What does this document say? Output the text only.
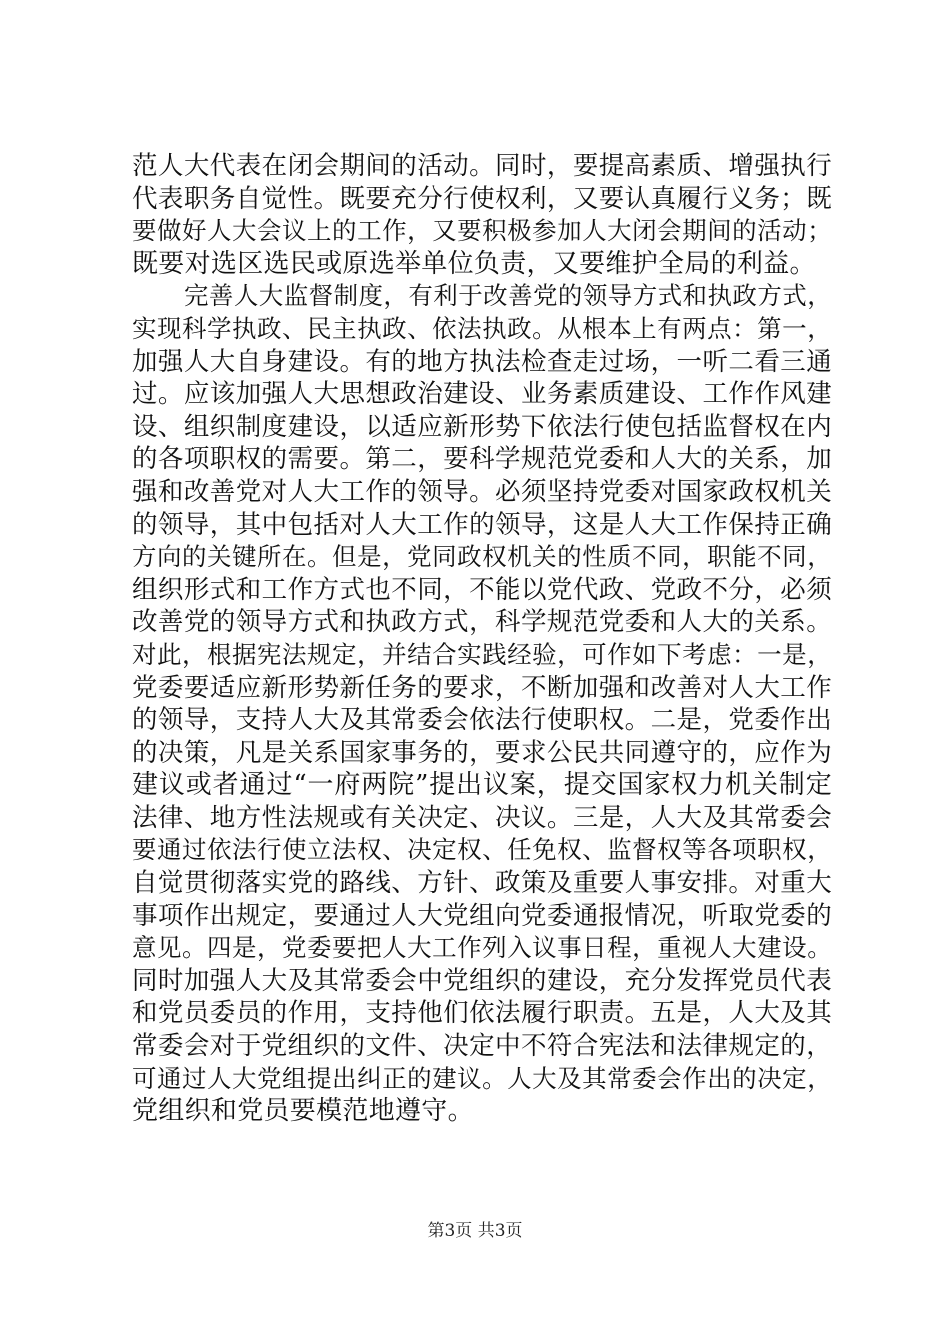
范人大代表在闭会期间的活动。同时，要提高素质、增强执行
代表职务自觉性。既要充分行使权利，又要认真履行义务；既
要做好人大会议上的工作，又要积极参加人大闭会期间的活动；
既要对选区选民或原选举单位负责，又要维护全局的利益。
完善人大监督制度，有利于改善党的领导方式和执政方式，
实现科学执政、民主执政、依法执政。从根本上有两点：第一，
加强人大自身建设。有的地方执法检查走过场，一听二看三通
过。应该加强人大思想政治建设、业务素质建设、工作作风建
设、组织制度建设，以适应新形势下依法行使包括监督权在内
的各项职权的需要。第二，要科学规范党委和人大的关系，加
强和改善党对人大工作的领导。必须坚持党委对国家政权机关
的领导，其中包括对人大工作的领导，这是人大工作保持正确
方向的关键所在。但是，党同政权机关的性质不同，职能不同，
组织形式和工作方式也不同，不能以党代政、党政不分，必须
改善党的领导方式和执政方式，科学规范党委和人大的关系。
对此，根据宪法规定，并结合实践经验，可作如下考虑：一是，
党委要适应新形势新任务的要求，不断加强和改善对人大工作
的领导，支持人大及其常委会依法行使职权。二是，党委作出
的决策，凡是关系国家事务的，要求公民共同遵守的，应作为
建议或者通过“一府两院”提出议案，提交国家权力机关制定
法律、地方性法规或有关决定、决议。三是，人大及其常委会
要通过依法行使立法权、决定权、任免权、监督权等各项职权，
自觉贯彻落实党的路线、方针、政策及重要人事安排。对重大
事项作出规定，要通过人大党组向党委通报情况，听取党委的
意见。四是，党委要把人大工作列入议事日程，重视人大建设。
同时加强人大及其常委会中党组织的建设，充分发挥党员代表
和党员委员的作用，支持他们依法履行职责。五是，人大及其
常委会对于党组织的文件、决定中不符合宪法和法律规定的，
可通过人大党组提出纠正的建议。人大及其常委会作出的决定，
党组织和党员要模范地遵守。
第3页 共3页
